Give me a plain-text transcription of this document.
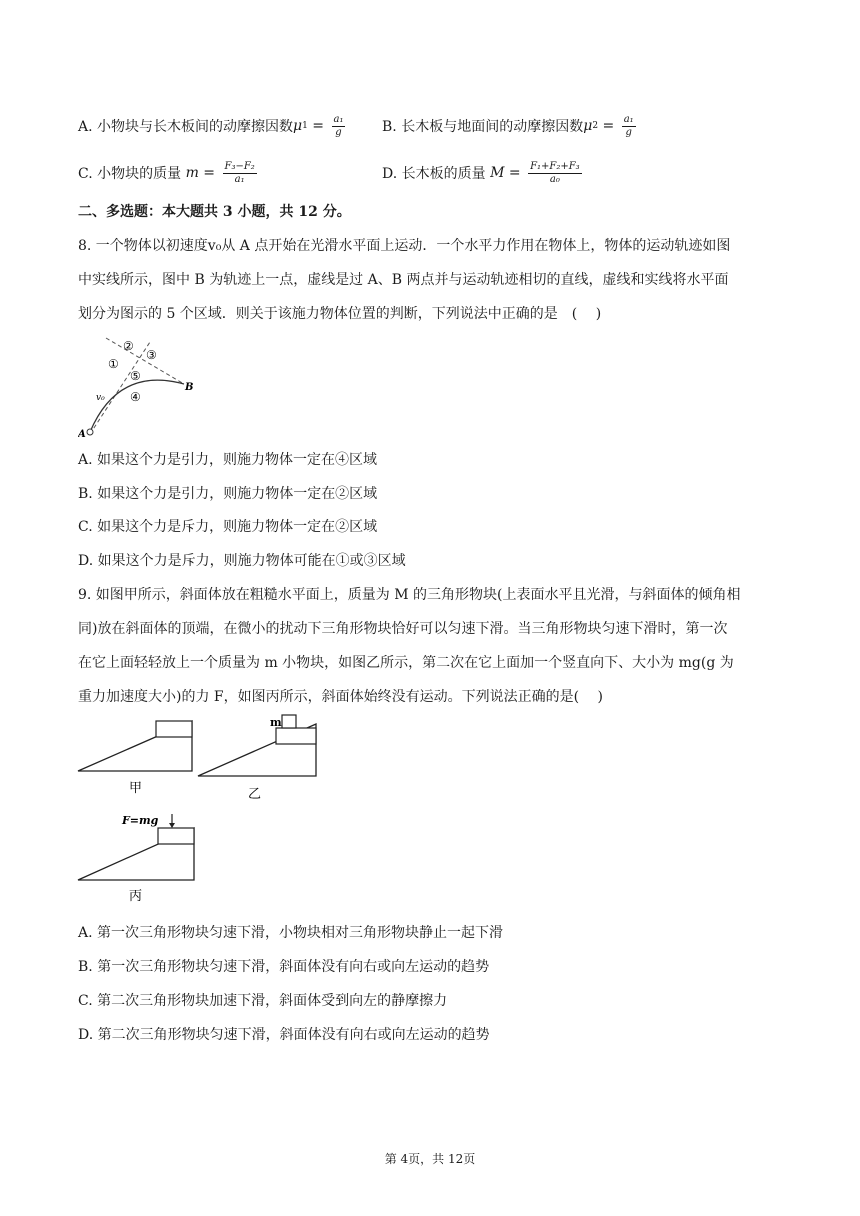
A. 小物块与长木板间的动摩擦因数 μ $1 = \frac{\text{a₁}}{g}$	B. 长木板与地面间的动摩擦因数 μ $2 = \frac{\text{a₁}}{g}$
C. 小物块的质量 $m = \frac{\text{F₃−F₂}}{\text{a₁}}$	D. 长木板的质量 $M = \frac{\text{F₁+F₂+F₃}}{\text{a₀}}$
二、多选题：本大题共 3 小题，共 12 分。
8. 一个物体以初速度v₀从 A 点开始在光滑水平面上运动．一个水平力作用在物体上，物体的运动轨迹如图
中实线所示，图中 B 为轨迹上一点，虚线是过 A、B 两点并与运动轨迹相切的直线，虚线和实线将水平面
划分为图示的 5 个区域．则关于该施力物体位置的判断，下列说法中正确的是　(　 )
②
③
①
⑤
④
v₀
B
A
A. 如果这个力是引力，则施力物体一定在④区域
B. 如果这个力是引力，则施力物体一定在②区域
C. 如果这个力是斥力，则施力物体一定在②区域
D. 如果这个力是斥力，则施力物体可能在①或③区域
9. 如图甲所示，斜面体放在粗糙水平面上，质量为 M 的三角形物块(上表面水平且光滑，与斜面体的倾角相
同)放在斜面体的顶端，在微小的扰动下三角形物块恰好可以匀速下滑。当三角形物块匀速下滑时，第一次
在它上面轻轻放上一个质量为 m 小物块，如图乙所示，第二次在它上面加一个竖直向下、大小为 mg(g 为
重力加速度大小)的力 F，如图丙所示，斜面体始终没有运动。下列说法正确的是(　 )
甲
m
乙
F=mg
丙
A. 第一次三角形物块匀速下滑，小物块相对三角形物块静止一起下滑
B. 第一次三角形物块匀速下滑，斜面体没有向右或向左运动的趋势
C. 第二次三角形物块加速下滑，斜面体受到向左的静摩擦力
D. 第二次三角形物块匀速下滑，斜面体没有向右或向左运动的趋势
第 4页，共 12页
